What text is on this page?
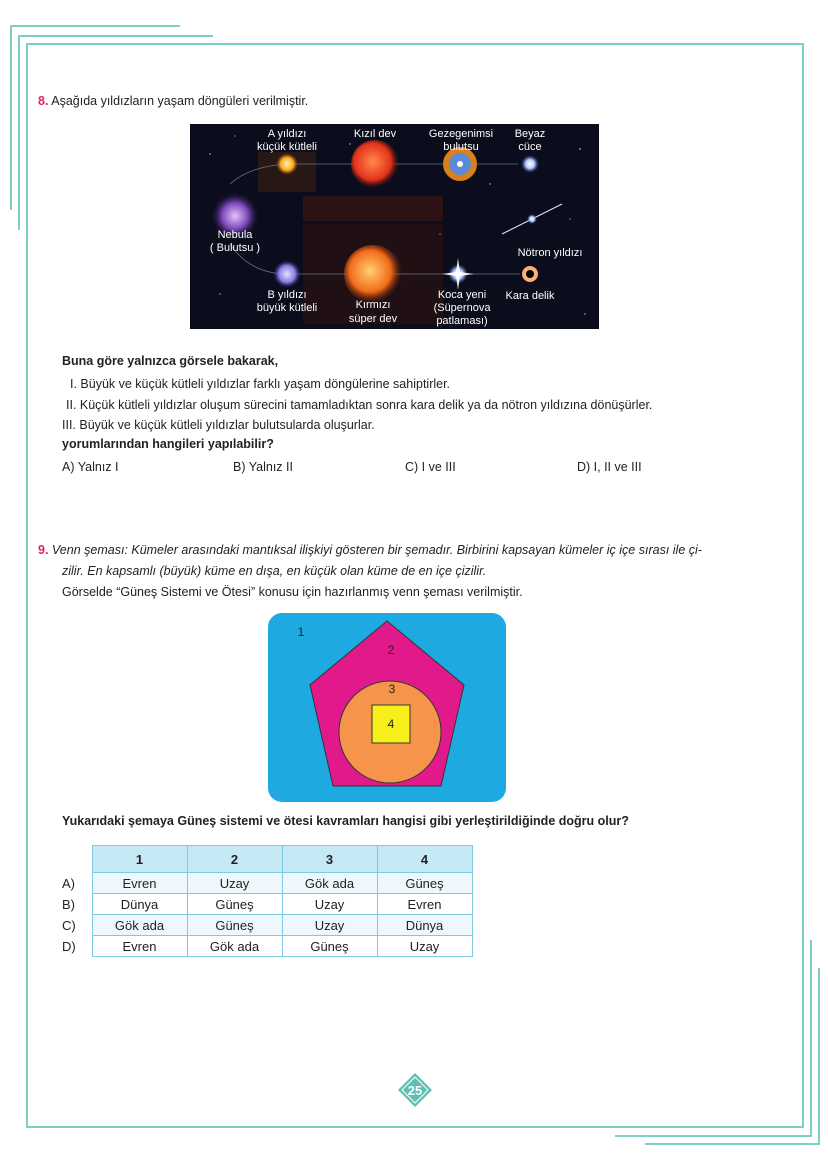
8. Aşağıda yıldızların yaşam döngüleri verilmiştir.
A yıldızı
küçük kütleli
Kızıl dev	Gezegenimsi
bulutsu
Beyaz
cüce
Nebula
( Bulutsu )	Nötron yıldızı
B yıldızı
büyük kütleli	Kırmızı
süper dev
Koca yeni
(Süpernova
patlaması)
Kara delik
Buna göre yalnızca görsele bakarak,
I. Büyük ve küçük kütleli yıldızlar farklı yaşam döngülerine sahiptirler.
II. Küçük kütleli yıldızlar oluşum sürecini tamamladıktan sonra kara delik ya da nötron yıldızına dönüşürler.
III. Büyük ve küçük kütleli yıldızlar bulutsularda oluşurlar.
yorumlarından hangileri yapılabilir?
A) Yalnız I	B) Yalnız II	C) I ve III	D) I, II ve III
9. Venn şeması: Kümeler arasındaki mantıksal ilişkiyi gösteren bir şemadır. Birbirini kapsayan kümeler iç içe sırası ile çi-
zilir. En kapsamlı (büyük) küme en dışa, en küçük olan küme de en içe çizilir.
Görselde “Güneş Sistemi ve Ötesi” konusu için hazırlanmış venn şeması verilmiştir.
1
2
3
4
Yukarıdaki şemaya Güneş sistemi ve ötesi kavramları hangisi gibi yerleştirildiğinde doğru olur?
	1	2	3	4
A)	Evren	Uzay	Gök ada	Güneş
B)	Dünya	Güneş	Uzay	Evren
C)	Gök ada	Güneş	Uzay	Dünya
D)	Evren	Gök ada	Güneş	Uzay
25
